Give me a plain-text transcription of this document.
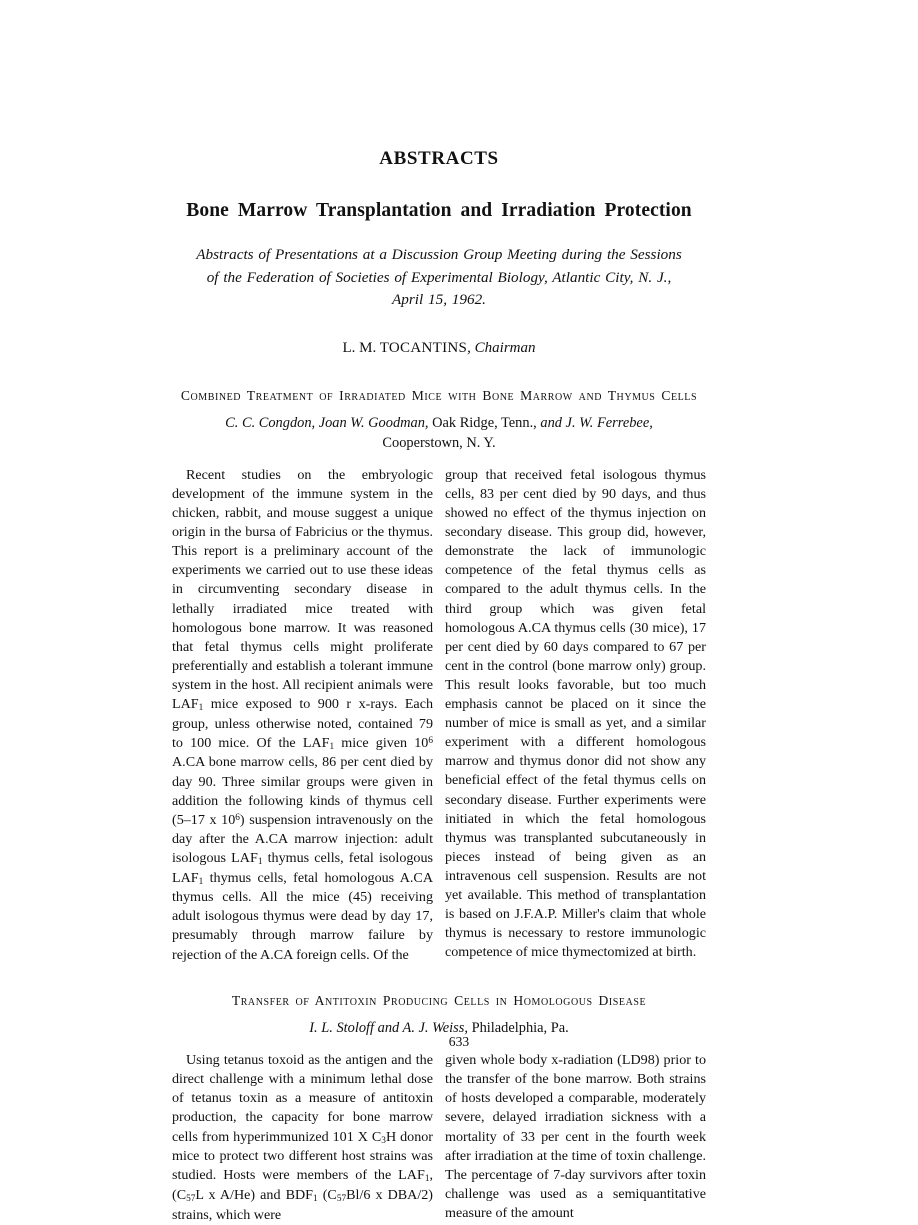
ABSTRACTS
Bone Marrow Transplantation and Irradiation Protection
Abstracts of Presentations at a Discussion Group Meeting during the Sessions
of the Federation of Societies of Experimental Biology, Atlantic City, N. J.,
April 15, 1962.
L. M. TOCANTINS, Chairman
Combined Treatment of Irradiated Mice with Bone Marrow and Thymus Cells
C. C. Congdon, Joan W. Goodman, Oak Ridge, Tenn., and J. W. Ferrebee,
Cooperstown, N. Y.

Recent studies on the embryologic development of the immune system in the chicken, rabbit, and mouse suggest a unique origin in the bursa of Fabricius or the thymus. This report is a preliminary account of the experiments we carried out to use these ideas in circumventing secondary disease in lethally irradiated mice treated with homologous bone marrow. It was reasoned that fetal thymus cells might proliferate preferentially and establish a tolerant immune system in the host. All recipient animals were $LAF_1$ mice exposed to 900 r x-rays. Each group, unless otherwise noted, contained 79 to 100 mice. Of the $LAF_1$ mice given $10^6$ A.CA bone marrow cells, 86 per cent died by day 90. Three similar groups were given in addition the following kinds of thymus cell (5–17 x $10^6$) suspension intravenously on the day after the A.CA marrow injection: adult isologous $LAF_1$ thymus cells, fetal isologous $LAF_1$ thymus cells, fetal homologous A.CA thymus cells. All the mice (45) receiving adult isologous thymus were dead by day 17, presumably through marrow failure by rejection of the A.CA foreign cells. Of the

group that received fetal isologous thymus cells, 83 per cent died by 90 days, and thus showed no effect of the thymus injection on secondary disease. This group did, however, demonstrate the lack of immunologic competence of the fetal thymus cells as compared to the adult thymus cells. In the third group which was given fetal homologous A.CA thymus cells (30 mice), 17 per cent died by 60 days compared to 67 per cent in the control (bone marrow only) group. This result looks favorable, but too much emphasis cannot be placed on it since the number of mice is small as yet, and a similar experiment with a different homologous marrow and thymus donor did not show any beneficial effect of the fetal thymus cells on secondary disease. Further experiments were initiated in which the fetal homologous thymus was transplanted subcutaneously in pieces instead of being given as an intravenous cell suspension. Results are not yet available. This method of transplantation is based on J.F.A.P. Miller's claim that whole thymus is necessary to restore immunologic competence of mice thymectomized at birth.

Transfer of Antitoxin Producing Cells in Homologous Disease
I. L. Stoloff and A. J. Weiss, Philadelphia, Pa.

Using tetanus toxoid as the antigen and the direct challenge with a minimum lethal dose of tetanus toxin as a measure of antitoxin production, the capacity for bone marrow cells from hyperimmunized 101 X $C_3H$ donor mice to protect two different host strains was studied. Hosts were members of the $LAF_1$, ($C_{57}L$ x A/He) and $BDF_1$ ($C_{57}Bl/6$ x DBA/2) strains, which were

given whole body x-radiation (LD98) prior to the transfer of the bone marrow. Both strains of hosts developed a comparable, moderately severe, delayed irradiation sickness with a mortality of 33 per cent in the fourth week after irradiation at the time of toxin challenge. The percentage of 7-day survivors after toxin challenge was used as a semiquantitative measure of the amount

633
